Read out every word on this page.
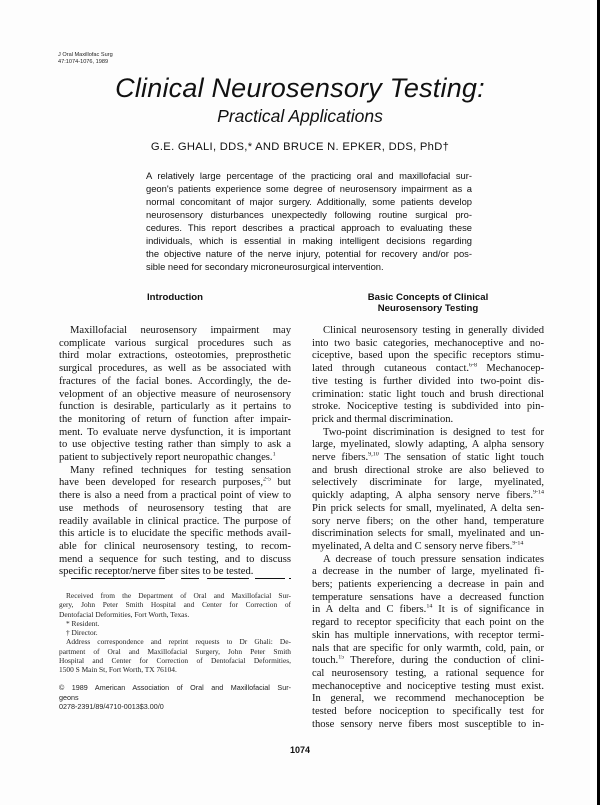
J Oral Maxillofac Surg
47:1074-1076, 1989
Clinical Neurosensory Testing:
Practical Applications
G.E. GHALI, DDS,* AND BRUCE N. EPKER, DDS, PhD†
A relatively large percentage of the practicing oral and maxillofacial sur-
geon's patients experience some degree of neurosensory impairment as a
normal concomitant of major surgery. Additionally, some patients develop
neurosensory disturbances unexpectedly following routine surgical pro-
cedures. This report describes a practical approach to evaluating these
individuals, which is essential in making intelligent decisions regarding
the objective nature of the nerve injury, potential for recovery and/or pos-
sible need for secondary microneurosurgical intervention.
Introduction
Maxillofacial neurosensory impairment may
complicate various surgical procedures such as
third molar extractions, osteotomies, preprosthetic
surgical procedures, as well as be associated with
fractures of the facial bones. Accordingly, the de-
velopment of an objective measure of neurosensory
function is desirable, particularly as it pertains to
the monitoring of return of function after impair-
ment. To evaluate nerve dysfunction, it is important
to use objective testing rather than simply to ask a
patient to subjectively report neuropathic changes.$^1$
Many refined techniques for testing sensation
have been developed for research purposes,$^{2-5}$ but
there is also a need from a practical point of view to
use methods of neurosensory testing that are
readily available in clinical practice. The purpose of
this article is to elucidate the specific methods avail-
able for clinical neurosensory testing, to recom-
mend a sequence for such testing, and to discuss
specific receptor/nerve fiber sites to be tested.
Received from the Department of Oral and Maxillofacial Sur-
gery, John Peter Smith Hospital and Center for Correction of
Dentofacial Deformities, Fort Worth, Texas.
* Resident.
† Director.
Address correspondence and reprint requests to Dr Ghali: De-
partment of Oral and Maxillofacial Surgery, John Peter Smith
Hospital and Center for Correction of Dentofacial Deformities,
1500 S Main St, Fort Worth, TX 76104.
© 1989 American Association of Oral and Maxillofacial Sur-
geons
0278-2391/89/4710-0013$3.00/0
Basic Concepts of Clinical
Neurosensory Testing
Clinical neurosensory testing in generally divided
into two basic categories, mechanoceptive and no-
ciceptive, based upon the specific receptors stimu-
lated through cutaneous contact.$^{6-8}$ Mechanocep-
tive testing is further divided into two-point dis-
crimination: static light touch and brush directional
stroke. Nociceptive testing is subdivided into pin-
prick and thermal discrimination.
Two-point discrimination is designed to test for
large, myelinated, slowly adapting, A alpha sensory
nerve fibers.$^{9,10}$ The sensation of static light touch
and brush directional stroke are also believed to
selectively discriminate for large, myelinated,
quickly adapting, A alpha sensory nerve fibers.$^{9-14}$
Pin prick selects for small, myelinated, A delta sen-
sory nerve fibers; on the other hand, temperature
discrimination selects for small, myelinated and un-
myelinated, A delta and C sensory nerve fibers.$^{9-14}$
A decrease of touch pressure sensation indicates
a decrease in the number of large, myelinated fi-
bers; patients experiencing a decrease in pain and
temperature sensations have a decreased function
in A delta and C fibers.$^{14}$ It is of significance in
regard to receptor specificity that each point on the
skin has multiple innervations, with receptor termi-
nals that are specific for only warmth, cold, pain, or
touch.$^{15}$ Therefore, during the conduction of clini-
cal neurosensory testing, a rational sequence for
mechanoceptive and nociceptive testing must exist.
In general, we recommend mechanoception be
tested before nociception to specifically test for
those sensory nerve fibers most susceptible to in-
1074
